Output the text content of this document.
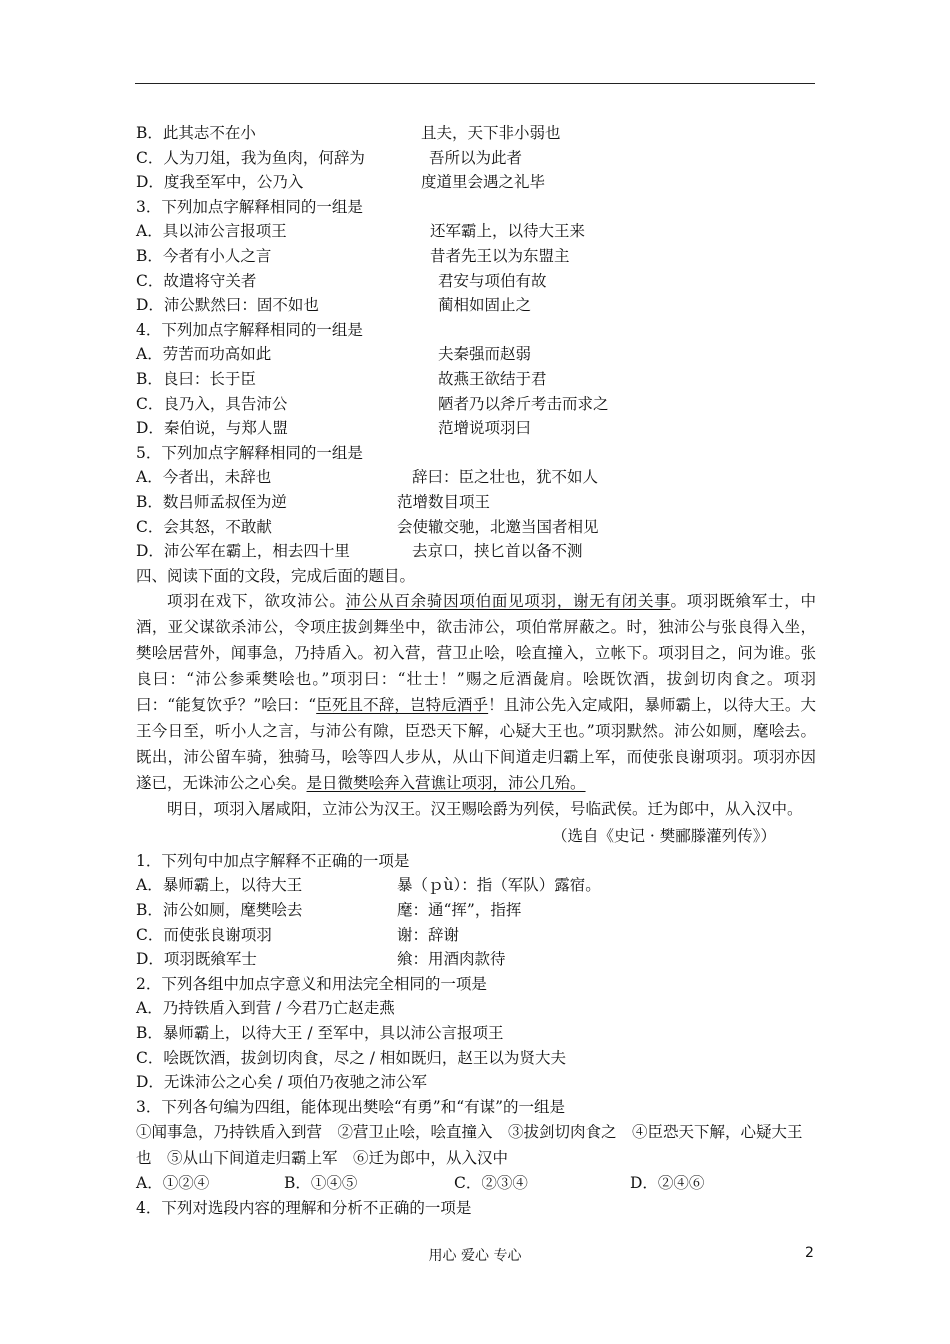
B．此其志不在小	且夫，天下非小弱也
C．人为刀俎，我为鱼肉，何辞为	吾所以为此者
D．度我至军中，公乃入	度道里会遇之礼毕
3．下列加点字解释相同的一组是
A．具以沛公言报项王	还军霸上，以待大王来
B．今者有小人之言	昔者先王以为东盟主
C．故遣将守关者	君安与项伯有故
D．沛公默然曰：固不如也	蔺相如固止之
4．下列加点字解释相同的一组是
A．劳苦而功高如此	夫秦强而赵弱
B．良曰：长于臣	故燕王欲结于君
C．良乃入，具告沛公	陋者乃以斧斤考击而求之
D．秦伯说，与郑人盟	范增说项羽曰
5．下列加点字解释相同的一组是
A．今者出，未辞也	辞曰：臣之壮也，犹不如人
B．数吕师孟叔侄为逆	范增数目项王
C．会其怒，不敢献	会使辙交驰，北邀当国者相见
D．沛公军在霸上，相去四十里	去京口，挟匕首以备不测
四、阅读下面的文段，完成后面的题目。

项羽在戏下，欲攻沛公。沛公从百余骑因项伯面见项羽，谢无有闭关事。项羽既飨军士，中酒，亚父谋欲杀沛公，令项庄拔剑舞坐中，欲击沛公，项伯常屏蔽之。时，独沛公与张良得入坐，樊哙居营外，闻事急，乃持盾入。初入营，营卫止哙，哙直撞入，立帐下。项羽目之，问为谁。张良曰：“沛公参乘樊哙也。”项羽曰：“壮士！”赐之卮酒彘肩。哙既饮酒，拔剑切肉食之。项羽曰：“能复饮乎？”哙曰：“臣死且不辞，岂特卮酒乎！且沛公先入定咸阳，暴师霸上，以待大王。大王今日至，听小人之言，与沛公有隙，臣恐天下解，心疑大王也。”项羽默然。沛公如厕，麾哙去。既出，沛公留车骑，独骑马，哙等四人步从，从山下间道走归霸上军，而使张良谢项羽。项羽亦因遂已，无诛沛公之心矣。是日微樊哙奔入营谯让项羽，沛公几殆。

明日，项羽入屠咸阳，立沛公为汉王。汉王赐哙爵为列侯，号临武侯。迁为郎中，从入汉中。

（选自《史记 · 樊郦滕灌列传》）
1．下列句中加点字解释不正确的一项是
A．暴师霸上，以待大王	暴（ｐù）：指（军队）露宿。
B．沛公如厕，麾樊哙去	麾：通“挥”，指挥
C．而使张良谢项羽	谢：辞谢
D．项羽既飨军士	飨：用酒肉款待
2．下列各组中加点字意义和用法完全相同的一项是
A．乃持铁盾入到营 / 今君乃亡赵走燕
B．暴师霸上，以待大王 / 至军中，具以沛公言报项王
C．哙既饮酒，拔剑切肉食，尽之 / 相如既归，赵王以为贤大夫
D．无诛沛公之心矣 / 项伯乃夜驰之沛公军
3．下列各句编为四组，能体现出樊哙“有勇”和“有谋”的一组是

①闻事急，乃持铁盾入到营　②营卫止哙，哙直撞入　③拔剑切肉食之　④臣恐天下解，心疑大王也　⑤从山下间道走归霸上军　⑥迁为郎中，从入汉中

A．①②④	B．①④⑤	C．②③④	D．②④⑥
4．下列对选段内容的理解和分析不正确的一项是
用心 爱心 专心	2
